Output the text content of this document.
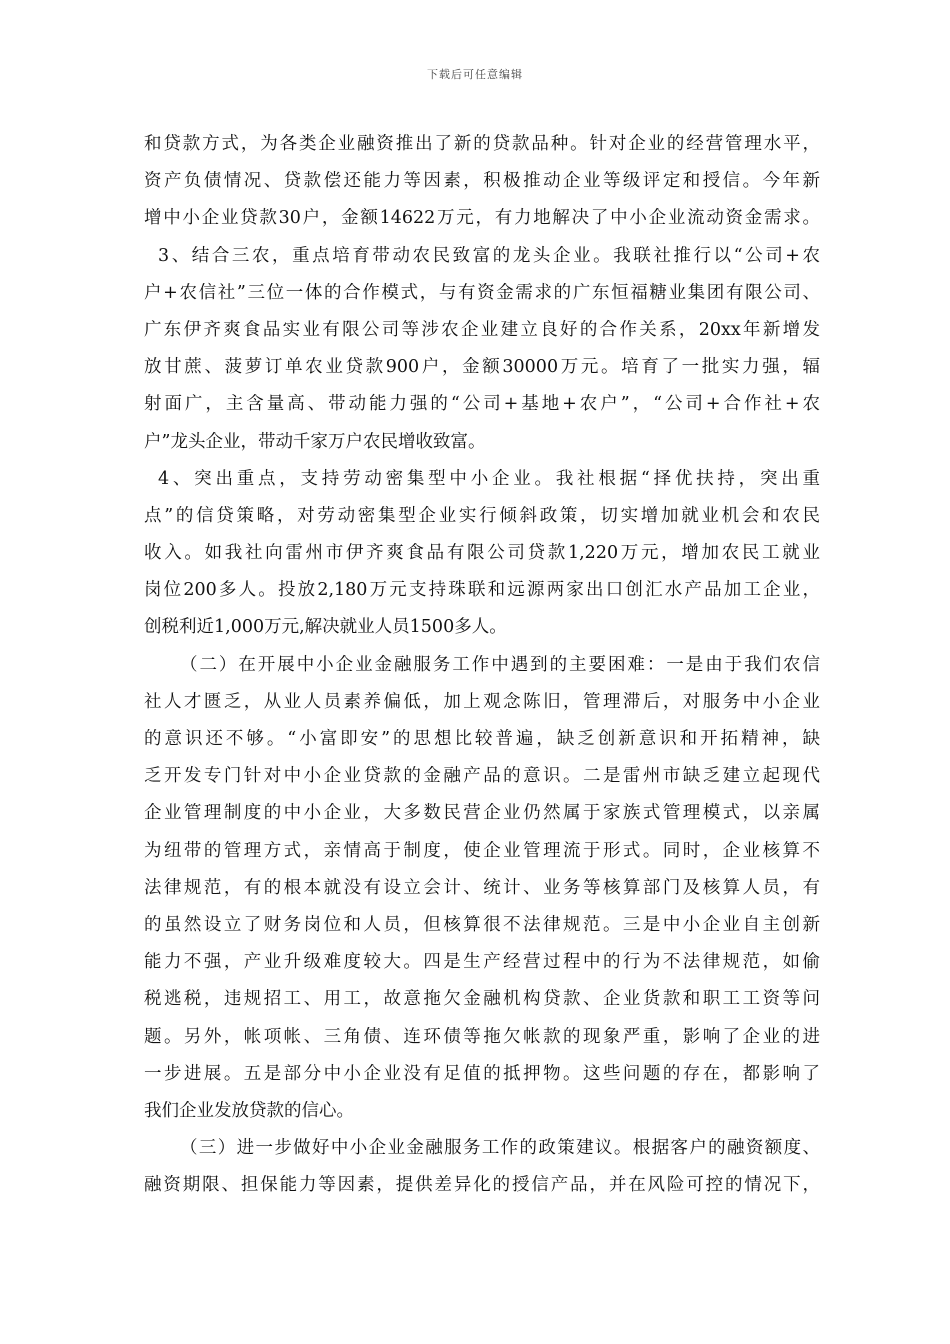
下载后可任意编辑
和贷款方式，为各类企业融资推出了新的贷款品种。针对企业的经营管理水平，
资产负债情况、贷款偿还能力等因素，积极推动企业等级评定和授信。今年新
增中小企业贷款30户，金额14622万元，有力地解决了中小企业流动资金需求。
3、结合三农，重点培育带动农民致富的龙头企业。我联社推行以“公司+农
户+农信社”三位一体的合作模式，与有资金需求的广东恒福糖业集团有限公司、
广东伊齐爽食品实业有限公司等涉农企业建立良好的合作关系，20xx年新增发
放甘蔗、菠萝订单农业贷款900户，金额30000万元。培育了一批实力强，辐
射面广，主含量高、带动能力强的“公司+基地+农户”，“公司+合作社+农
户”龙头企业，带动千家万户农民增收致富。
4、突出重点，支持劳动密集型中小企业。我社根据“择优扶持，突出重
点”的信贷策略，对劳动密集型企业实行倾斜政策，切实增加就业机会和农民
收入。如我社向雷州市伊齐爽食品有限公司贷款1,220万元，增加农民工就业
岗位200多人。投放2,180万元支持珠联和远源两家出口创汇水产品加工企业，
创税利近1,000万元,解决就业人员1500多人。
（二）在开展中小企业金融服务工作中遇到的主要困难：一是由于我们农信
社人才匮乏，从业人员素养偏低，加上观念陈旧，管理滞后，对服务中小企业
的意识还不够。“小富即安”的思想比较普遍，缺乏创新意识和开拓精神，缺
乏开发专门针对中小企业贷款的金融产品的意识。二是雷州市缺乏建立起现代
企业管理制度的中小企业，大多数民营企业仍然属于家族式管理模式，以亲属
为纽带的管理方式，亲情高于制度，使企业管理流于形式。同时，企业核算不
法律规范，有的根本就没有设立会计、统计、业务等核算部门及核算人员，有
的虽然设立了财务岗位和人员，但核算很不法律规范。三是中小企业自主创新
能力不强，产业升级难度较大。四是生产经营过程中的行为不法律规范，如偷
税逃税，违规招工、用工，故意拖欠金融机构贷款、企业货款和职工工资等问
题。另外，帐项帐、三角债、连环债等拖欠帐款的现象严重，影响了企业的进
一步进展。五是部分中小企业没有足值的抵押物。这些问题的存在，都影响了
我们企业发放贷款的信心。
（三）进一步做好中小企业金融服务工作的政策建议。根据客户的融资额度、
融资期限、担保能力等因素，提供差异化的授信产品，并在风险可控的情况下，
